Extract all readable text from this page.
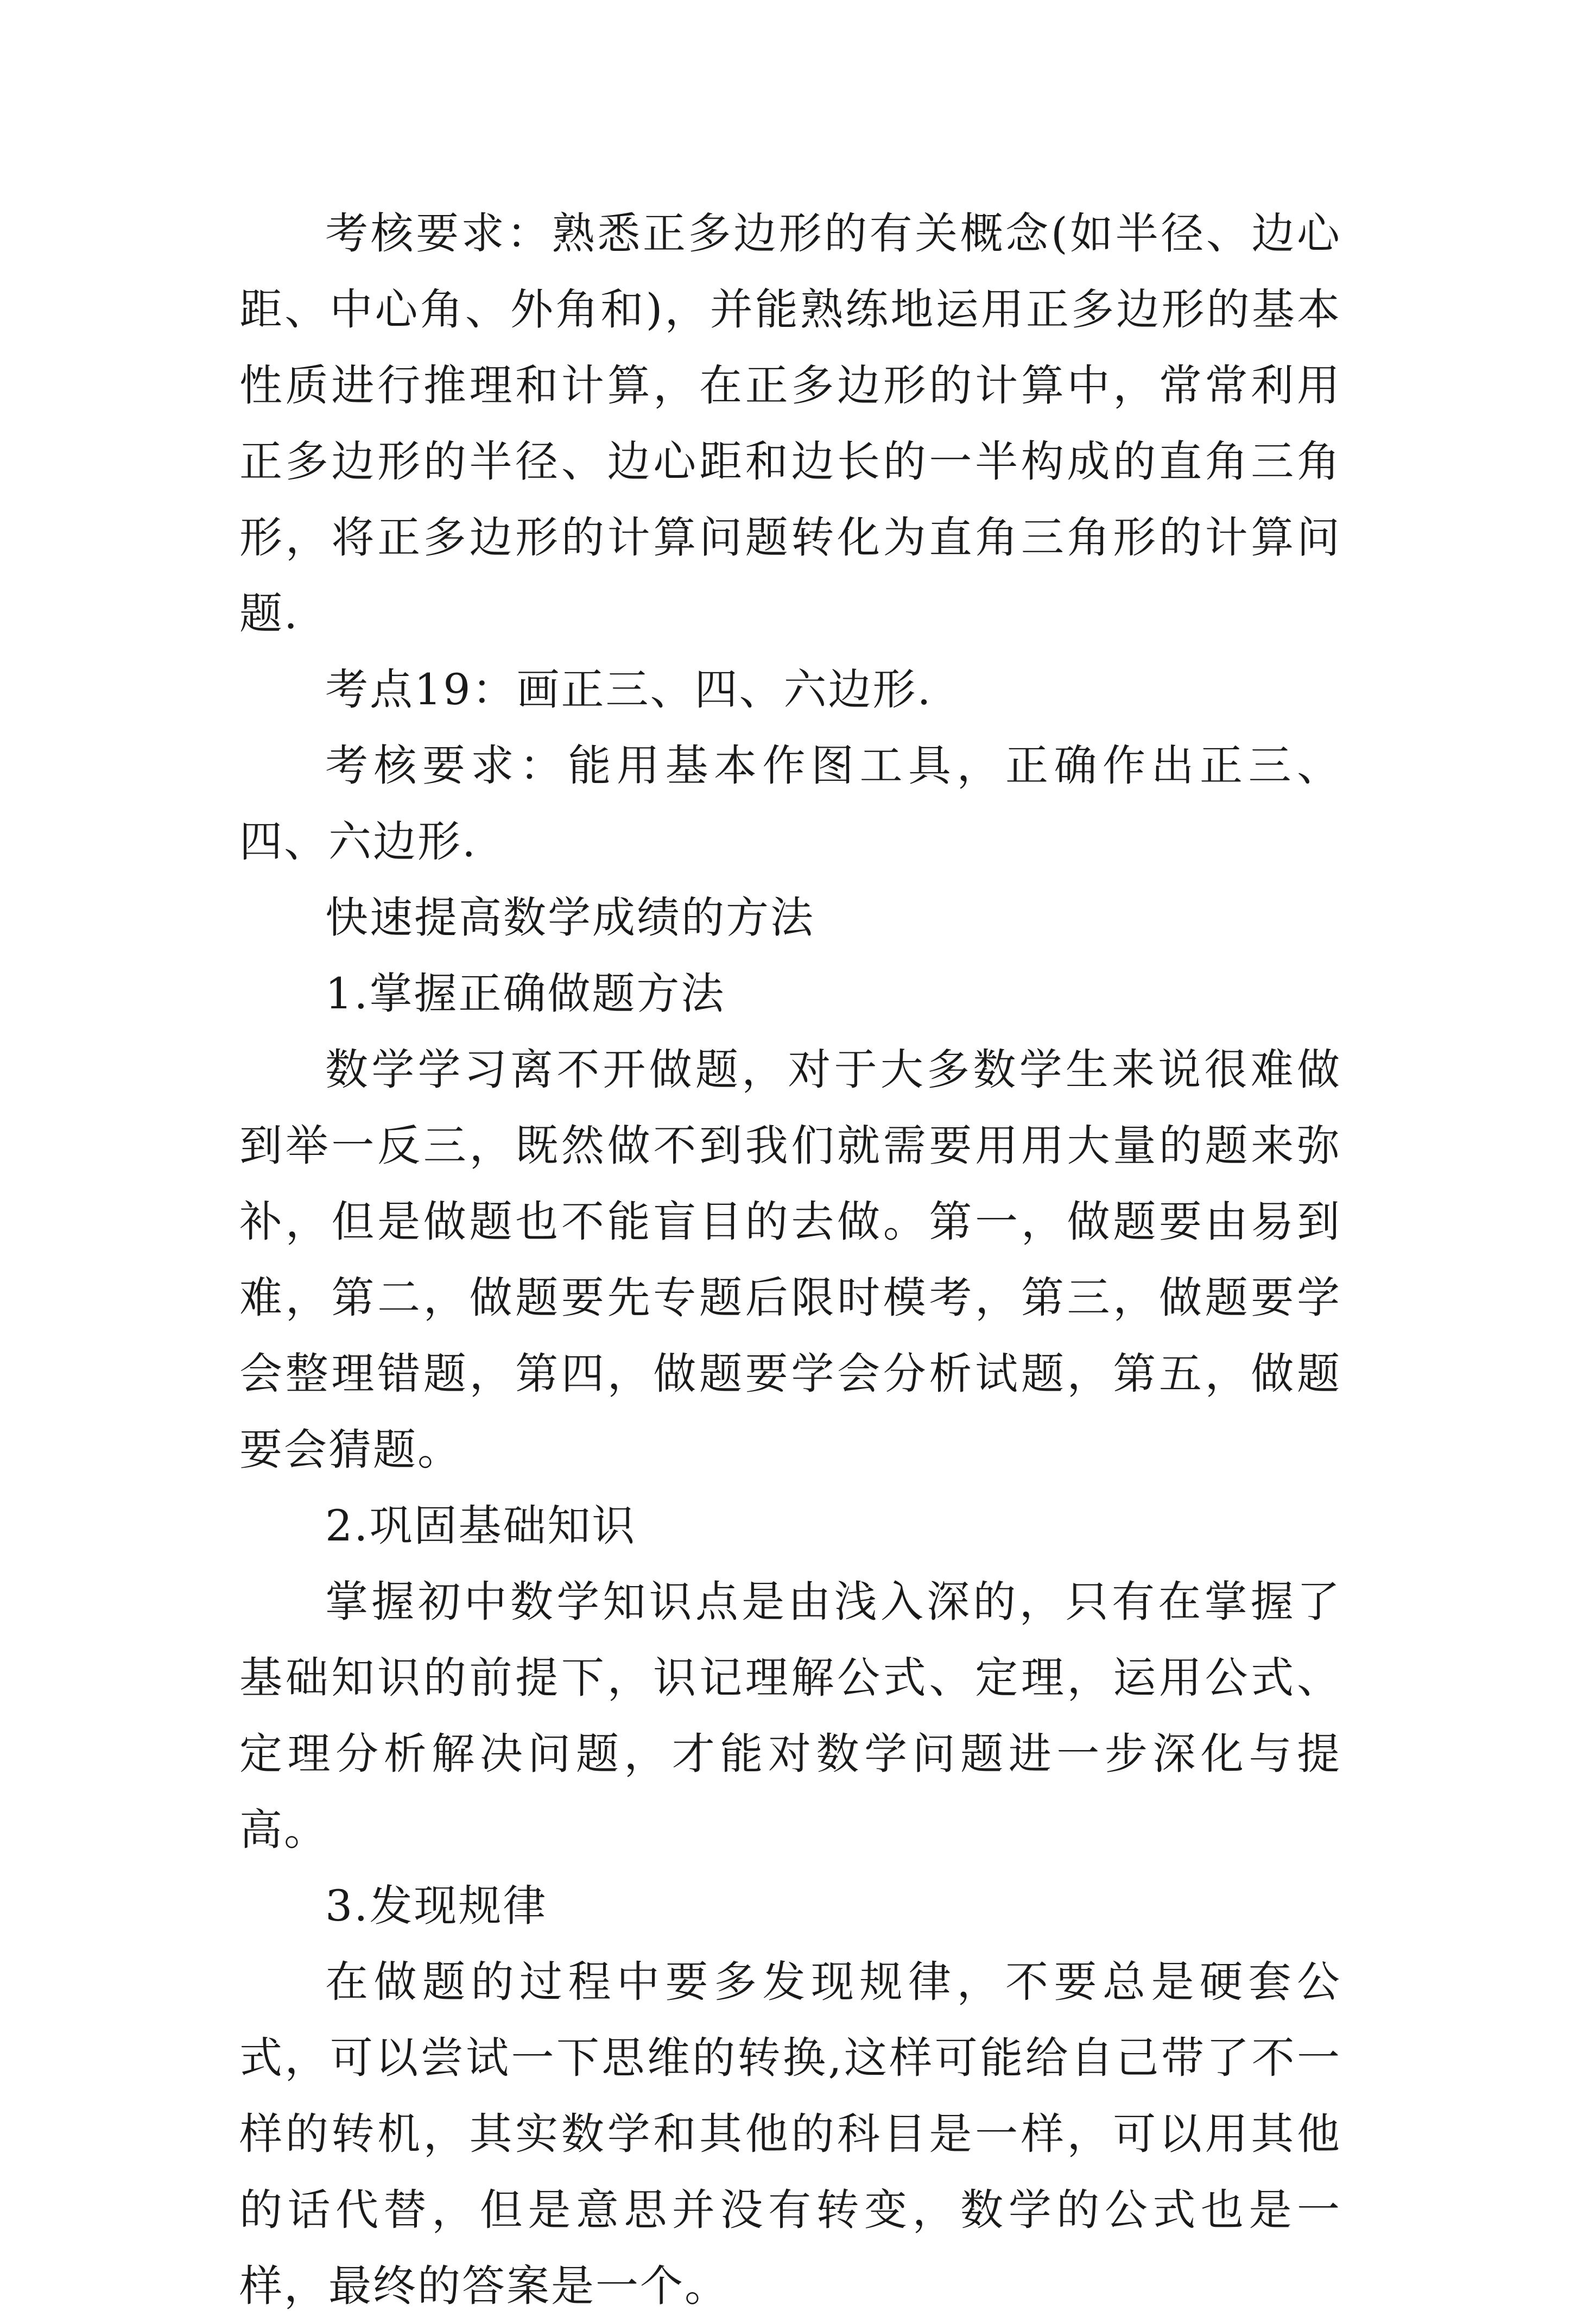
考核要求：熟悉正多边形的有关概念(如半径、边心距、中心角、外角和)，并能熟练地运用正多边形的基本性质进行推理和计算，在正多边形的计算中，常常利用正多边形的半径、边心距和边长的一半构成的直角三角形，将正多边形的计算问题转化为直角三角形的计算问题.

考点19：画正三、四、六边形.

考核要求：能用基本作图工具，正确作出正三、四、六边形.

快速提高数学成绩的方法

1.掌握正确做题方法

数学学习离不开做题，对于大多数学生来说很难做到举一反三，既然做不到我们就需要用用大量的题来弥补，但是做题也不能盲目的去做。第一，做题要由易到难，第二，做题要先专题后限时模考，第三，做题要学会整理错题，第四，做题要学会分析试题，第五，做题要会猜题。

2.巩固基础知识

掌握初中数学知识点是由浅入深的，只有在掌握了基础知识的前提下，识记理解公式、定理，运用公式、定理分析解决问题，才能对数学问题进一步深化与提高。

3.发现规律

在做题的过程中要多发现规律，不要总是硬套公式，可以尝试一下思维的转换,这样可能给自己带了不一样的转机，其实数学和其他的科目是一样，可以用其他的话代替，但是意思并没有转变，数学的公式也是一样，最终的答案是一个。
